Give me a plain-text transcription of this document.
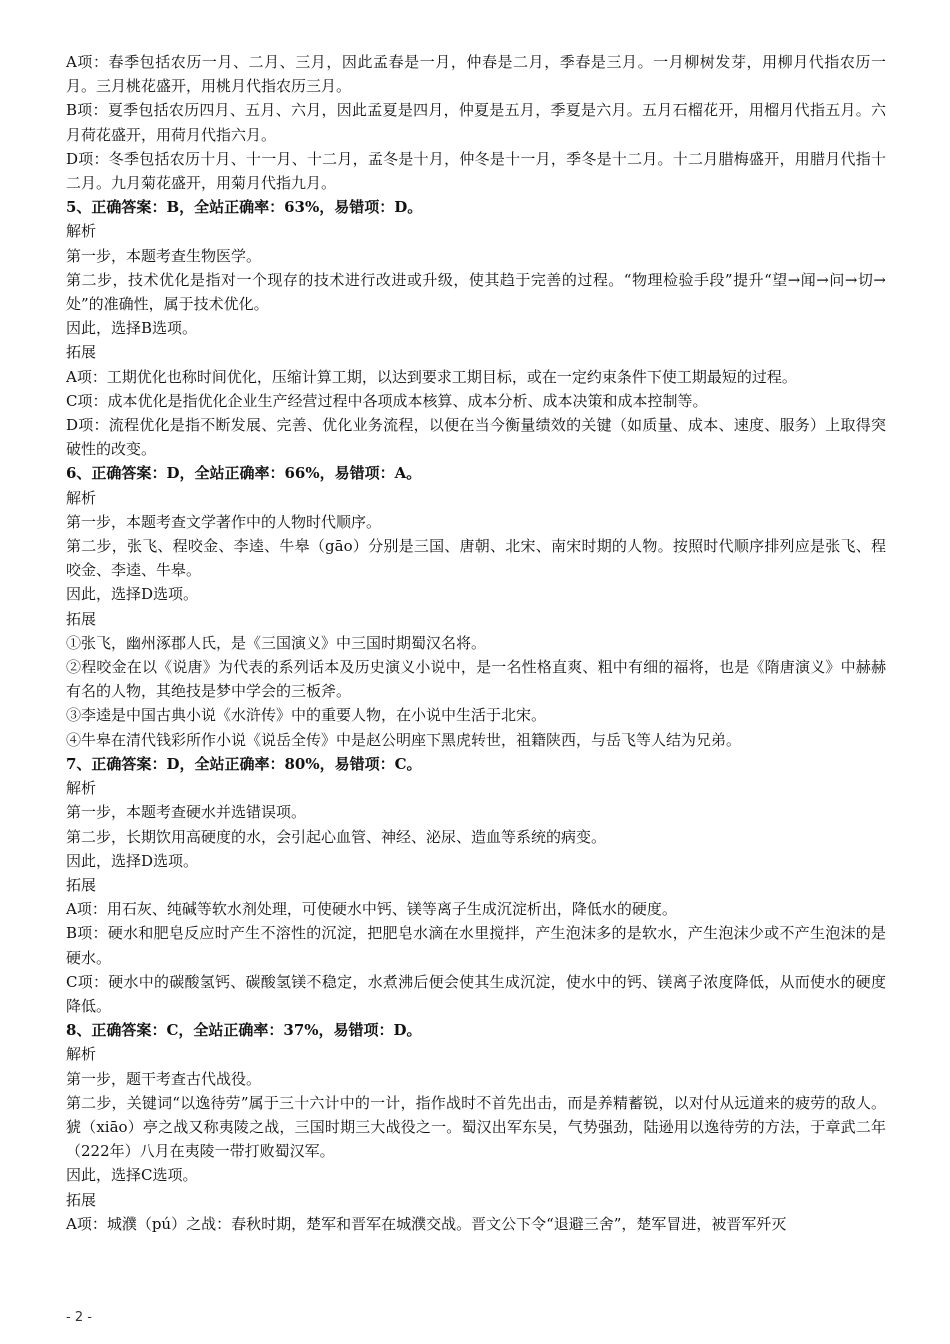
A项：春季包括农历一月、二月、三月，因此孟春是一月，仲春是二月，季春是三月。一月柳树发芽，用柳月代指农历一月。三月桃花盛开，用桃月代指农历三月。

B项：夏季包括农历四月、五月、六月，因此孟夏是四月，仲夏是五月，季夏是六月。五月石榴花开，用榴月代指五月。六月荷花盛开，用荷月代指六月。

D项：冬季包括农历十月、十一月、十二月，孟冬是十月，仲冬是十一月，季冬是十二月。十二月腊梅盛开，用腊月代指十二月。九月菊花盛开，用菊月代指九月。

5、正确答案：B，全站正确率：63%，易错项：D。

解析

第一步，本题考查生物医学。

第二步，技术优化是指对一个现存的技术进行改进或升级，使其趋于完善的过程。“物理检验手段”提升“望→闻→问→切→处”的准确性，属于技术优化。

因此，选择B选项。

拓展

A项：工期优化也称时间优化，压缩计算工期，以达到要求工期目标，或在一定约束条件下使工期最短的过程。

C项：成本优化是指优化企业生产经营过程中各项成本核算、成本分析、成本决策和成本控制等。

D项：流程优化是指不断发展、完善、优化业务流程，以便在当今衡量绩效的关键（如质量、成本、速度、服务）上取得突破性的改变。

6、正确答案：D，全站正确率：66%，易错项：A。

解析

第一步，本题考查文学著作中的人物时代顺序。

第二步，张飞、程咬金、李逵、牛皋（gāo）分别是三国、唐朝、北宋、南宋时期的人物。按照时代顺序排列应是张飞、程咬金、李逵、牛皋。

因此，选择D选项。

拓展

①张飞，幽州涿郡人氏，是《三国演义》中三国时期蜀汉名将。

②程咬金在以《说唐》为代表的系列话本及历史演义小说中，是一名性格直爽、粗中有细的福将，也是《隋唐演义》中赫赫有名的人物，其绝技是梦中学会的三板斧。

③李逵是中国古典小说《水浒传》中的重要人物，在小说中生活于北宋。

④牛皋在清代钱彩所作小说《说岳全传》中是赵公明座下黑虎转世，祖籍陕西，与岳飞等人结为兄弟。

7、正确答案：D，全站正确率：80%，易错项：C。

解析

第一步，本题考查硬水并选错误项。

第二步，长期饮用高硬度的水，会引起心血管、神经、泌尿、造血等系统的病变。

因此，选择D选项。

拓展

A项：用石灰、纯碱等软水剂处理，可使硬水中钙、镁等离子生成沉淀析出，降低水的硬度。

B项：硬水和肥皂反应时产生不溶性的沉淀，把肥皂水滴在水里搅拌，产生泡沫多的是软水，产生泡沫少或不产生泡沫的是硬水。

C项：硬水中的碳酸氢钙、碳酸氢镁不稳定，水煮沸后便会使其生成沉淀，使水中的钙、镁离子浓度降低，从而使水的硬度降低。

8、正确答案：C，全站正确率：37%，易错项：D。

解析

第一步，题干考查古代战役。

第二步，关键词“以逸待劳”属于三十六计中的一计，指作战时不首先出击，而是养精蓄锐，以对付从远道来的疲劳的敌人。猇（xiāo）亭之战又称夷陵之战，三国时期三大战役之一。蜀汉出军东吴，气势强劲，陆逊用以逸待劳的方法，于章武二年（222年）八月在夷陵一带打败蜀汉军。

因此，选择C选项。

拓展

A项：城濮（pú）之战：春秋时期，楚军和晋军在城濮交战。晋文公下令“退避三舍”，楚军冒进，被晋军歼灭

- 2 -
